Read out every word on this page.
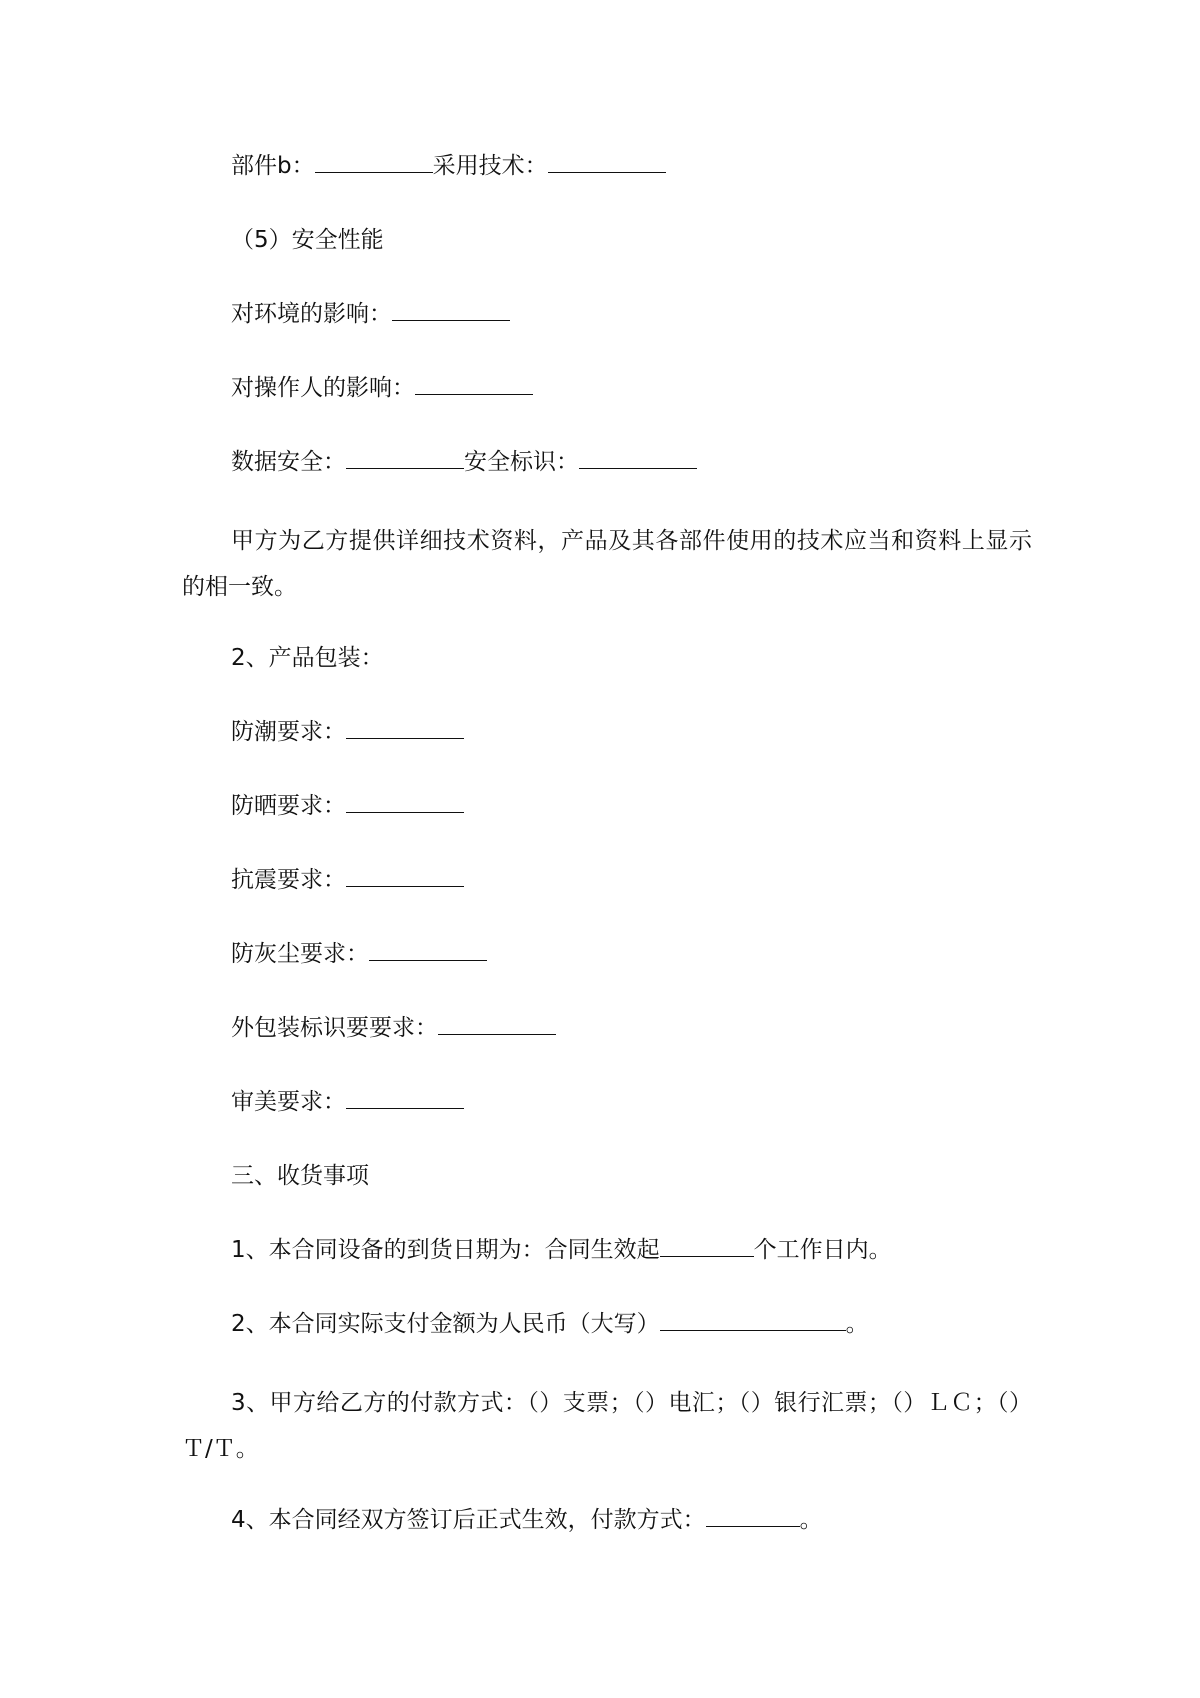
部件b：	采用技术：
（5）安全性能
对环境的影响：
对操作人的影响：
数据安全：	安全标识：
甲方为乙方提供详细技术资料，产品及其各部件使用的技术应当和资料上显示的相一致。
2、产品包装：
防潮要求：
防晒要求：
抗震要求：
防灰尘要求：
外包装标识要要求：
审美要求：
三、收货事项
1、本合同设备的到货日期为：合同生效起	个工作日内。
2、本合同实际支付金额为人民币（大写）	。
3、甲方给乙方的付款方式：（）支票；（）电汇；（）银行汇票；（）ＬＣ；（）Ｔ/Ｔ。
4、本合同经双方签订后正式生效，付款方式：	。
